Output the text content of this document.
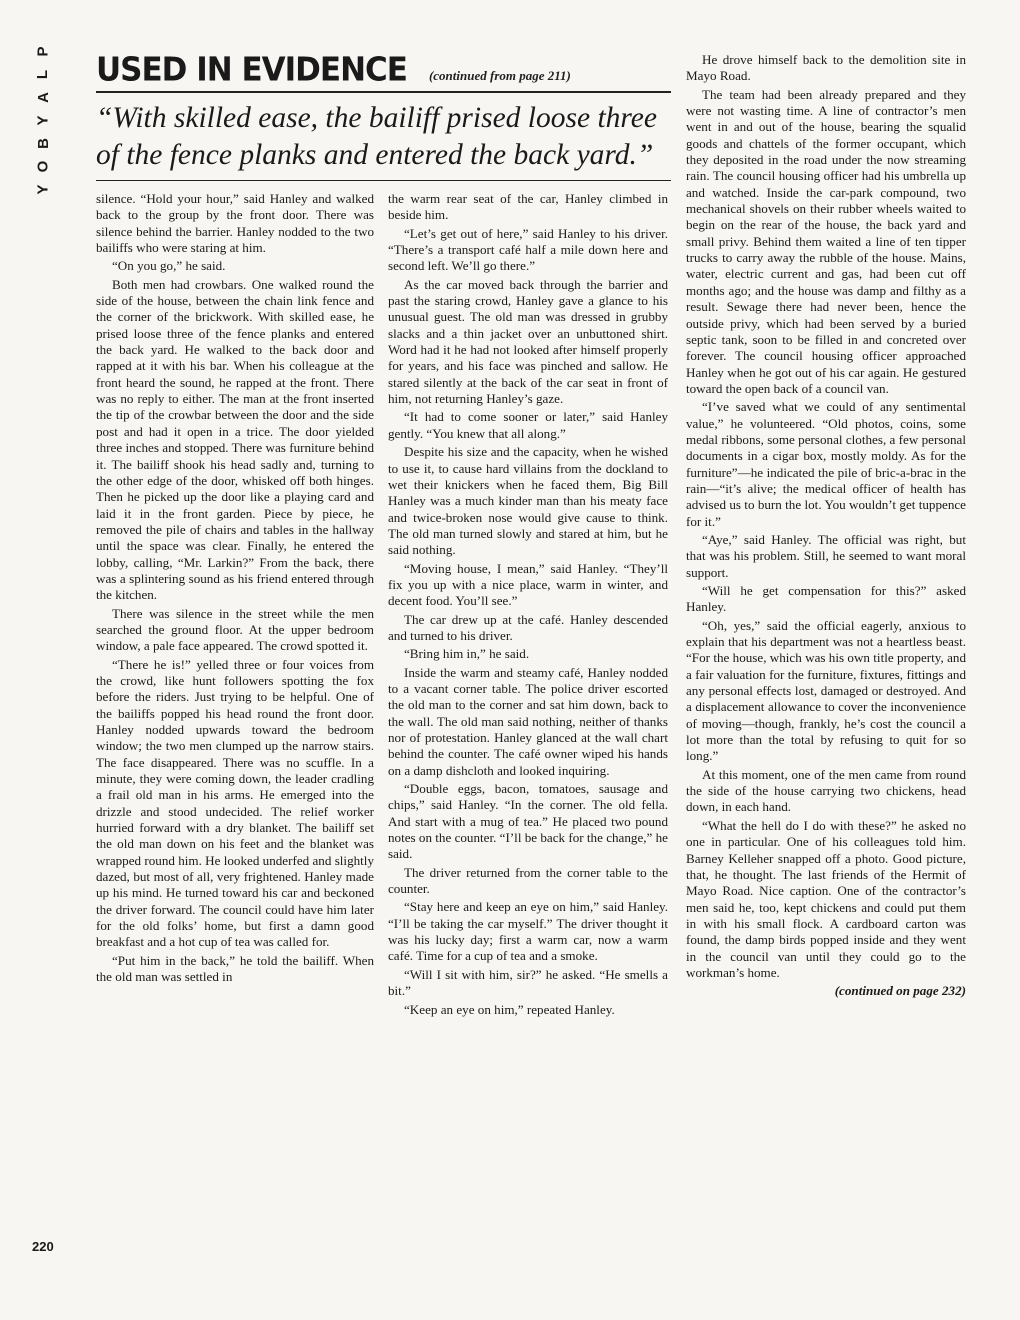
P
L
A
Y
B
O
Y
USED IN EVIDENCE (continued from page 211)
“With skilled ease, the bailiff prised loose three of the fence planks and entered the back yard.”

silence. “Hold your hour,” said Hanley and walked back to the group by the front door. There was silence behind the barrier. Hanley nodded to the two bailiffs who were staring at him.

“On you go,” he said.

Both men had crowbars. One walked round the side of the house, between the chain link fence and the corner of the brickwork. With skilled ease, he prised loose three of the fence planks and entered the back yard. He walked to the back door and rapped at it with his bar. When his colleague at the front heard the sound, he rapped at the front. There was no reply to either. The man at the front inserted the tip of the crowbar between the door and the side post and had it open in a trice. The door yielded three inches and stopped. There was furniture behind it. The bailiff shook his head sadly and, turning to the other edge of the door, whisked off both hinges. Then he picked up the door like a playing card and laid it in the front garden. Piece by piece, he removed the pile of chairs and tables in the hallway until the space was clear. Finally, he entered the lobby, calling, “Mr. Larkin?” From the back, there was a splintering sound as his friend entered through the kitchen.

There was silence in the street while the men searched the ground floor. At the upper bedroom window, a pale face appeared. The crowd spotted it.

“There he is!” yelled three or four voices from the crowd, like hunt followers spotting the fox before the riders. Just trying to be helpful. One of the bailiffs popped his head round the front door. Hanley nodded upwards toward the bedroom window; the two men clumped up the narrow stairs. The face disappeared. There was no scuffle. In a minute, they were coming down, the leader cradling a frail old man in his arms. He emerged into the drizzle and stood undecided. The relief worker hurried forward with a dry blanket. The bailiff set the old man down on his feet and the blanket was wrapped round him. He looked underfed and slightly dazed, but most of all, very frightened. Hanley made up his mind. He turned toward his car and beckoned the driver forward. The council could have him later for the old folks’ home, but first a damn good breakfast and a hot cup of tea was called for.

“Put him in the back,” he told the bailiff. When the old man was settled in

the warm rear seat of the car, Hanley climbed in beside him.

“Let’s get out of here,” said Hanley to his driver. “There’s a transport café half a mile down here and second left. We’ll go there.”

As the car moved back through the barrier and past the staring crowd, Hanley gave a glance to his unusual guest. The old man was dressed in grubby slacks and a thin jacket over an unbuttoned shirt. Word had it he had not looked after himself properly for years, and his face was pinched and sallow. He stared silently at the back of the car seat in front of him, not returning Hanley’s gaze.

“It had to come sooner or later,” said Hanley gently. “You knew that all along.”

Despite his size and the capacity, when he wished to use it, to cause hard villains from the dockland to wet their knickers when he faced them, Big Bill Hanley was a much kinder man than his meaty face and twice-broken nose would give cause to think. The old man turned slowly and stared at him, but he said nothing.

“Moving house, I mean,” said Hanley. “They’ll fix you up with a nice place, warm in winter, and decent food. You’ll see.”

The car drew up at the café. Hanley descended and turned to his driver.

“Bring him in,” he said.

Inside the warm and steamy café, Hanley nodded to a vacant corner table. The police driver escorted the old man to the corner and sat him down, back to the wall. The old man said nothing, neither of thanks nor of protestation. Hanley glanced at the wall chart behind the counter. The café owner wiped his hands on a damp dishcloth and looked inquiring.

“Double eggs, bacon, tomatoes, sausage and chips,” said Hanley. “In the corner. The old fella. And start with a mug of tea.” He placed two pound notes on the counter. “I’ll be back for the change,” he said.

The driver returned from the corner table to the counter.

“Stay here and keep an eye on him,” said Hanley. “I’ll be taking the car myself.” The driver thought it was his lucky day; first a warm car, now a warm café. Time for a cup of tea and a smoke.

“Will I sit with him, sir?” he asked. “He smells a bit.”

“Keep an eye on him,” repeated Hanley.

He drove himself back to the demolition site in Mayo Road.

The team had been already prepared and they were not wasting time. A line of contractor’s men went in and out of the house, bearing the squalid goods and chattels of the former occupant, which they deposited in the road under the now streaming rain. The council housing officer had his umbrella up and watched. Inside the car-park compound, two mechanical shovels on their rubber wheels waited to begin on the rear of the house, the back yard and small privy. Behind them waited a line of ten tipper trucks to carry away the rubble of the house. Mains, water, electric current and gas, had been cut off months ago; and the house was damp and filthy as a result. Sewage there had never been, hence the outside privy, which had been served by a buried septic tank, soon to be filled in and concreted over forever. The council housing officer approached Hanley when he got out of his car again. He gestured toward the open back of a council van.

“I’ve saved what we could of any sentimental value,” he volunteered. “Old photos, coins, some medal ribbons, some personal clothes, a few personal documents in a cigar box, mostly moldy. As for the furniture”—he indicated the pile of bric-a-brac in the rain—“it’s alive; the medical officer of health has advised us to burn the lot. You wouldn’t get tuppence for it.”

“Aye,” said Hanley. The official was right, but that was his problem. Still, he seemed to want moral support.

“Will he get compensation for this?” asked Hanley.

“Oh, yes,” said the official eagerly, anxious to explain that his department was not a heartless beast. “For the house, which was his own title property, and a fair valuation for the furniture, fixtures, fittings and any personal effects lost, damaged or destroyed. And a displacement allowance to cover the inconvenience of moving—though, frankly, he’s cost the council a lot more than the total by refusing to quit for so long.”

At this moment, one of the men came from round the side of the house carrying two chickens, head down, in each hand.

“What the hell do I do with these?” he asked no one in particular. One of his colleagues told him. Barney Kelleher snapped off a photo. Good picture, that, he thought. The last friends of the Hermit of Mayo Road. Nice caption. One of the contractor’s men said he, too, kept chickens and could put them in with his small flock. A cardboard carton was found, the damp birds popped inside and they went in the council van until they could go to the workman’s home.

(continued on page 232)

220
